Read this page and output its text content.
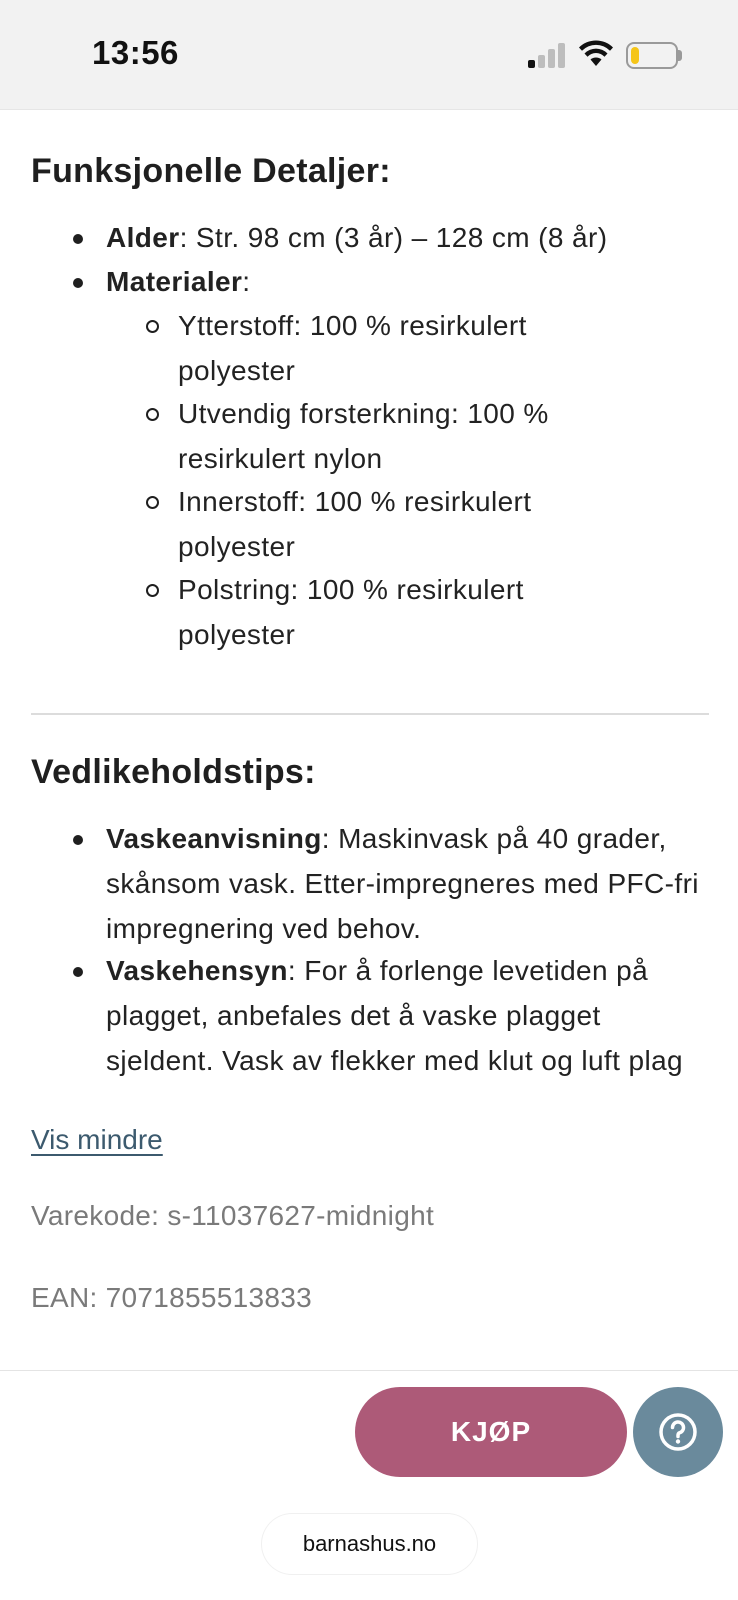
13:56
Funksjonelle Detaljer:
Alder: Str. 98 cm (3 år) – 128 cm (8 år)
Materialer:
Ytterstoff: 100 % resirkulert polyester
Utvendig forsterkning: 100 % resirkulert nylon
Innerstoff: 100 % resirkulert polyester
Polstring: 100 % resirkulert polyester
Vedlikeholdstips:
Vaskeanvisning: Maskinvask på 40 grader, skånsom vask. Etter-impregneres med PFC-fri impregnering ved behov.
Vaskehensyn: For å forlenge levetiden på plagget, anbefales det å vaske plagget sjeldent. Vask av flekker med klut og luft plag
Vis mindre
Varekode: s-11037627-midnight
EAN: 7071855513833
KJØP
barnashus.no
